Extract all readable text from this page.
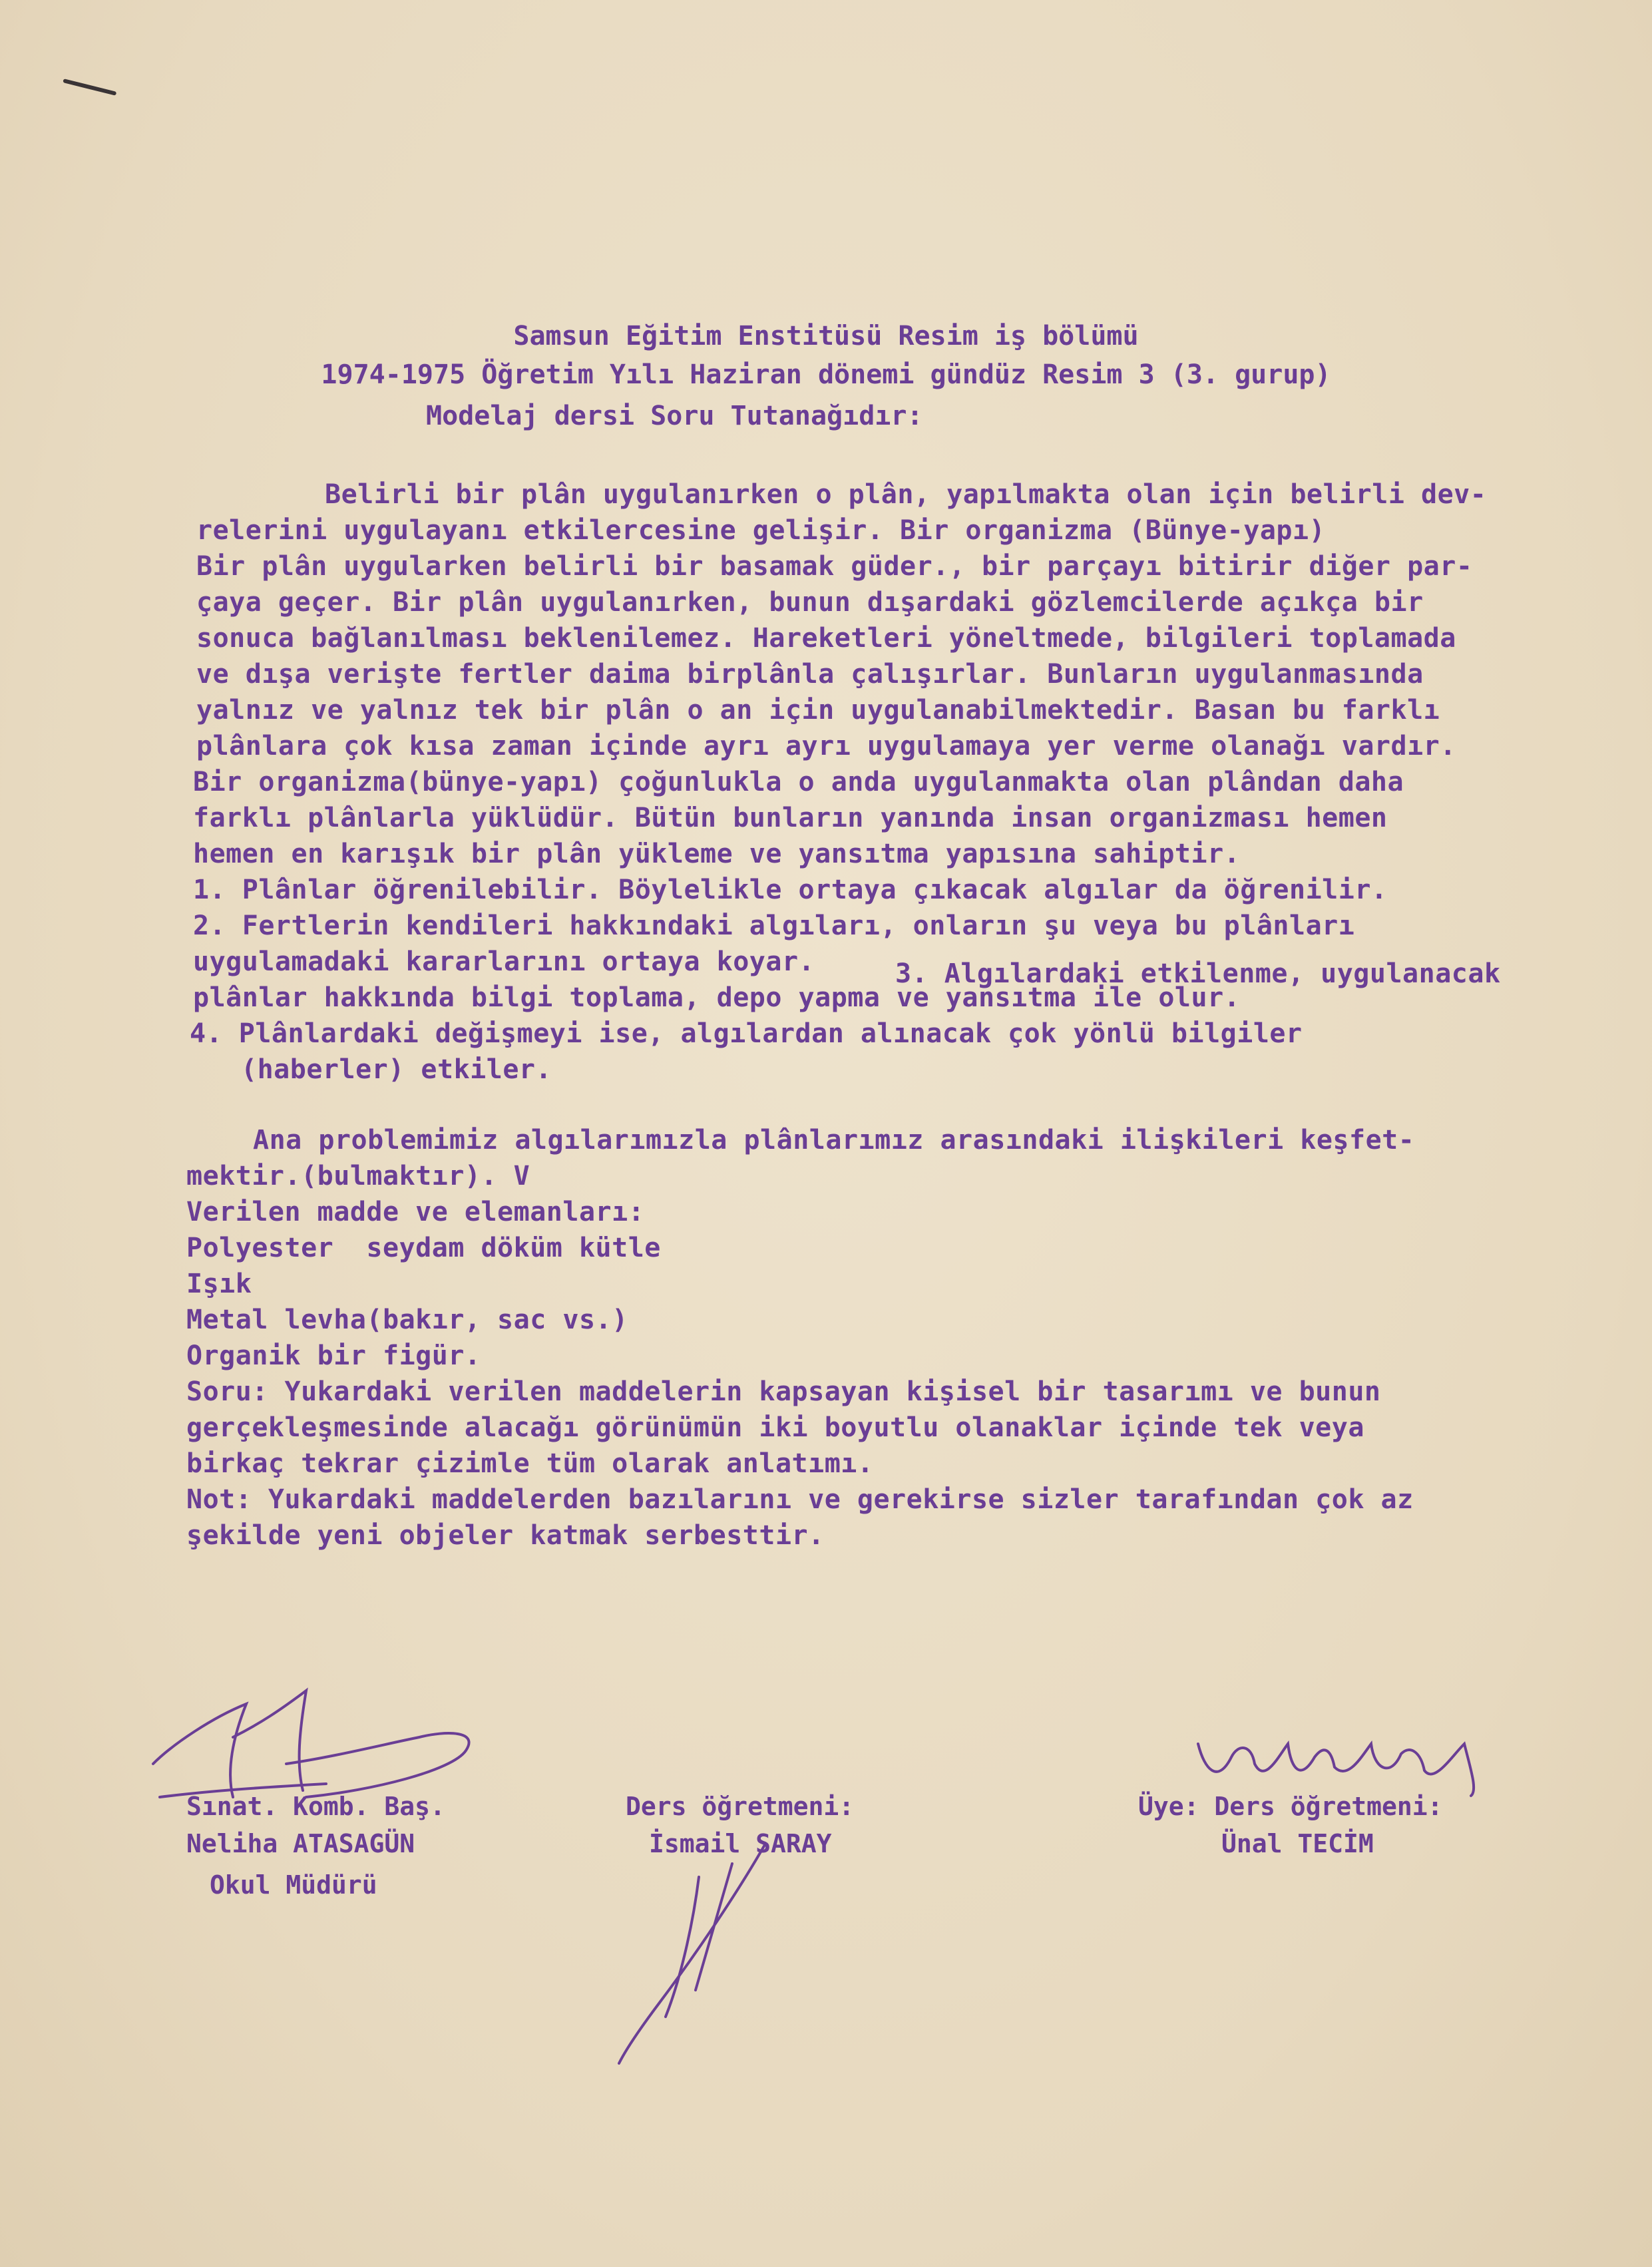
Samsun Eğitim Enstitüsü Resim iş bölümü
1974-1975 Öğretim Yılı Haziran dönemi gündüz Resim 3 (3. gurup)
Modelaj dersi Soru Tutanağıdır:
Belirli bir plân uygulanırken o plân, yapılmakta olan için belirli dev-
relerini uygulayanı etkilercesine gelişir. Bir organizma (Bünye-yapı)
Bir plân uygularken belirli bir basamak güder., bir parçayı bitirir diğer par-
çaya geçer. Bir plân uygulanırken, bunun dışardaki gözlemcilerde açıkça bir
sonuca bağlanılması beklenilemez. Hareketleri yöneltmede, bilgileri toplamada
ve dışa verişte fertler daima birplânla çalışırlar. Bunların uygulanmasında
yalnız ve yalnız tek bir plân o an için uygulanabilmektedir. Basan bu farklı
plânlara çok kısa zaman içinde ayrı ayrı uygulamaya yer verme olanağı vardır.
Bir organizma(bünye-yapı) çoğunlukla o anda uygulanmakta olan plândan daha
farklı plânlarla yüklüdür. Bütün bunların yanında insan organizması hemen
hemen en karışık bir plân yükleme ve yansıtma yapısına sahiptir.
1. Plânlar öğrenilebilir. Böylelikle ortaya çıkacak algılar da öğrenilir.
2. Fertlerin kendileri hakkındaki algıları, onların şu veya bu plânları
uygulamadaki kararlarını ortaya koyar.	3. Algılardaki etkilenme, uygulanacak
plânlar hakkında bilgi toplama, depo yapma ve yansıtma ile olur.
4. Plânlardaki değişmeyi ise, algılardan alınacak çok yönlü bilgiler
(haberler) etkiler.
Ana problemimiz algılarımızla plânlarımız arasındaki ilişkileri keşfet-
mektir.(bulmaktır). V
Verilen madde ve elemanları:
Polyester  seydam döküm kütle
Işık
Metal levha(bakır, sac vs.)
Organik bir figür.
Soru: Yukardaki verilen maddelerin kapsayan kişisel bir tasarımı ve bunun
gerçekleşmesinde alacağı görünümün iki boyutlu olanaklar içinde tek veya
birkaç tekrar çizimle tüm olarak anlatımı.
Not: Yukardaki maddelerden bazılarını ve gerekirse sizler tarafından çok az
şekilde yeni objeler katmak serbesttir.
Sınat. Komb. Baş.
Neliha ATASAGÜN
Okul Müdürü
Ders öğretmeni:
İsmail SARAY
Üye: Ders öğretmeni:
Ünal TECİM
